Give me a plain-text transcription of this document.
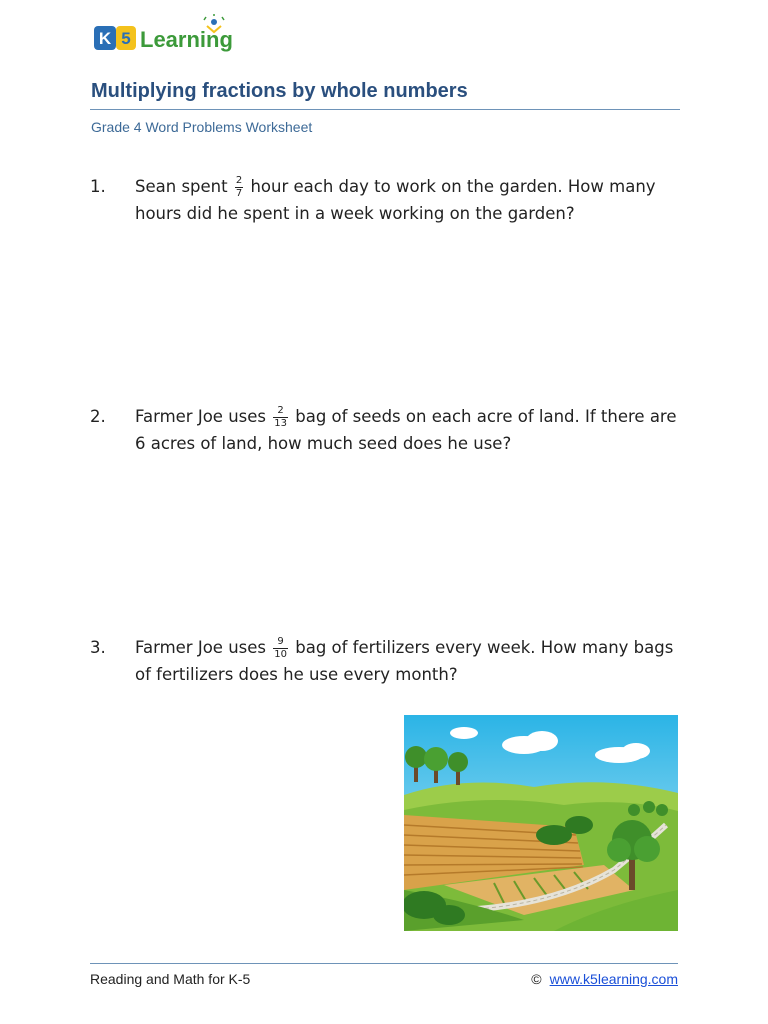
K 5 Learning
Multiplying fractions by whole numbers
Grade 4 Word Problems Worksheet
1. Sean spent $\frac{2}{7}$ hour each day to work on the garden. How many hours did he spent in a week working on the garden?
2. Farmer Joe uses $\frac{2}{13}$ bag of seeds on each acre of land. If there are 6 acres of land, how much seed does he use?
3. Farmer Joe uses $\frac{9}{10}$ bag of fertilizers every week. How many bags of fertilizers does he use every month?
Reading and Math for K-5	© www.k5learning.com
